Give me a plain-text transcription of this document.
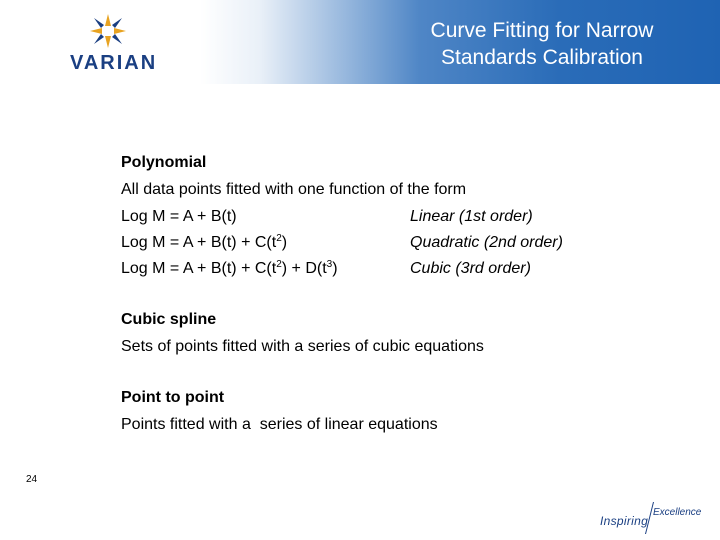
VARIAN
Curve Fitting for Narrow
Standards Calibration
Polynomial
All data points fitted with one function of the form
Log M = A + B(t)	Linear (1st order)
Log $M = A + B(t) + C(t^2)$	Quadratic (2nd order)
Log $M = A + B(t) + C(t^2) + D(t^3)$	Cubic (3rd order)
Cubic spline
Sets of points fitted with a series of cubic equations
Point to point
Points fitted with a  series of linear equations
24
Inspiring
Excellence
